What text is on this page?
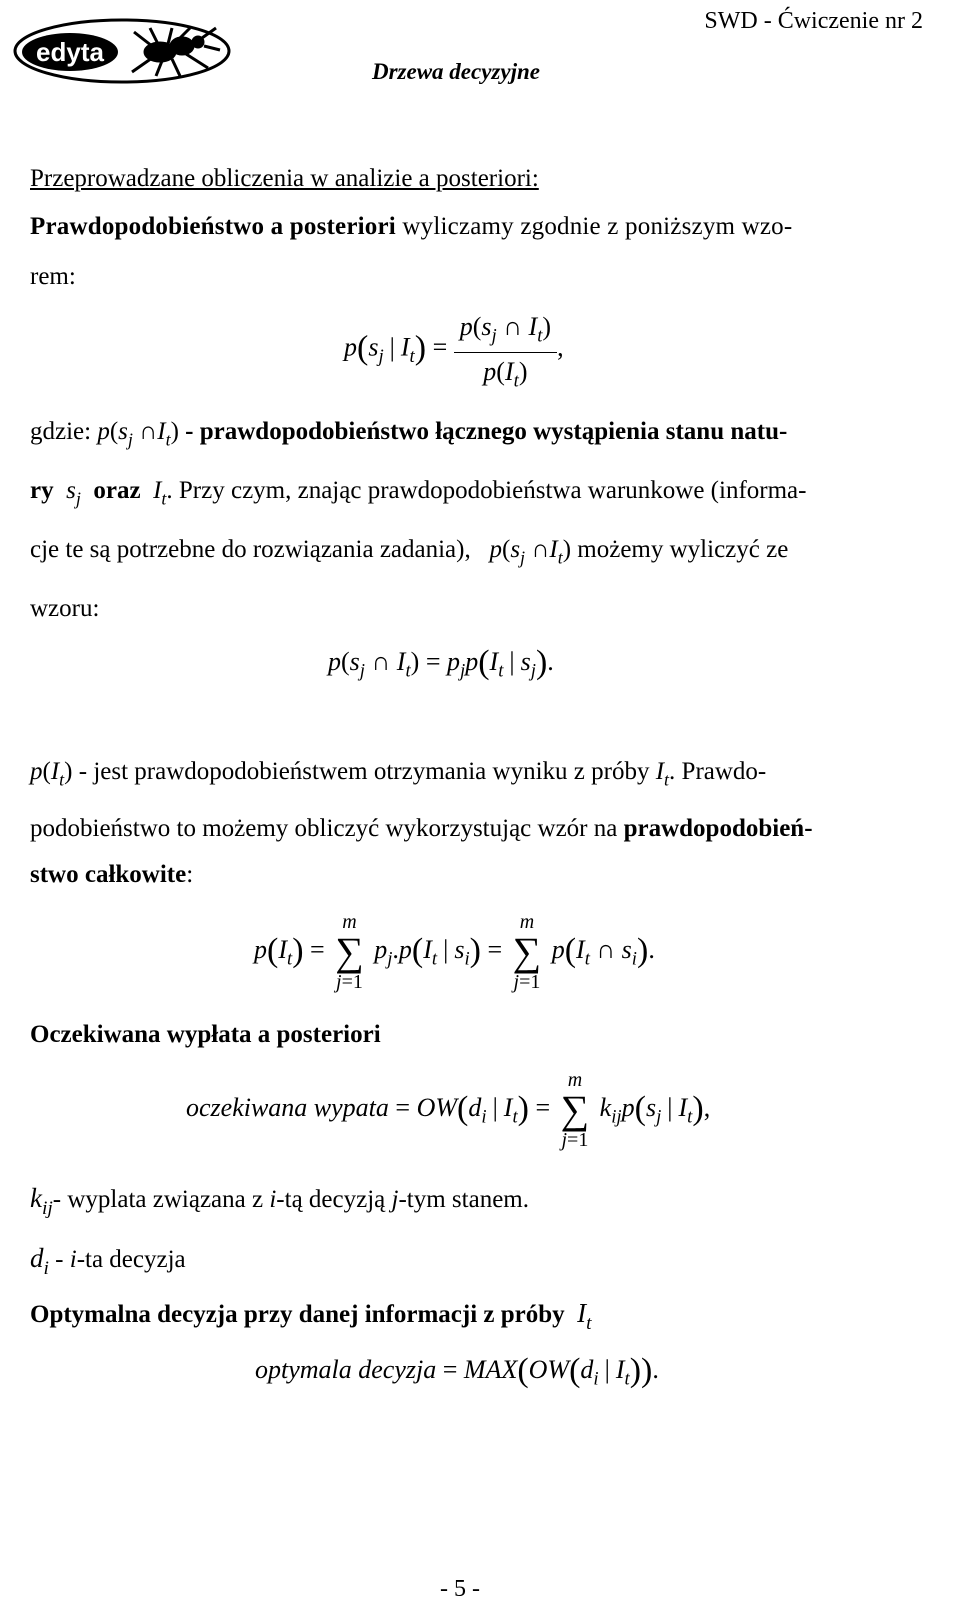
edyta
SWD - Ćwiczenie nr 2
Drzewa decyzyjne
Przeprowadzane obliczenia w analizie a posteriori:
Prawdopodobieństwo a posteriori wyliczamy zgodnie z poniższym wzo-
rem:
$p(s_j$ | $I_t) = \frac{p(s_j \cap I_t)}{p(I_t)}$ ,
gdzie: $p(s_j$ $\cap I_t$) - prawdopodobieństwo łącznego wystąpienia stanu natu-
ry $s_j$  oraz  $I_t$. Przy czym, znając prawdopodobieństwa warunkowe (informa-
cje te są potrzebne do rozwiązania zadania), $p(s_j$ $\cap I_t$) możemy wyliczyć ze
wzoru:
$p(s_j$ ∩ $I_t) = p_jp(I_t$ | $s_j$).
$p(I_t)$ - jest prawdopodobieństwem otrzymania wyniku z próby $I_t$. Prawdo-
podobieństwo to możemy obliczyć wykorzystując wzór na prawdopodobień-
stwo całkowite:
$p(I_t)$ =
m
∑
j=1
$p_j.p(I_t$ | $s_i$) =
m
∑
j=1
$p(I_t$ ∩ $s_i$).
Oczekiwana wypłata a posteriori
oczekiwana wypata = $OW(d_i$ | $I_t$) =
m
∑
j=1
$k_{ij}p(s_j$ | $I_t$),
$k_{ij}-$ wyplata związana z i-tą decyzją j-tym stanem.
$d_i - i-ta$ decyzja
Optymalna decyzja przy danej informacji z próby $I_t$
optymala decyzja = $MAX(OW(d_i$ | $I_t$)).
- 5 -
